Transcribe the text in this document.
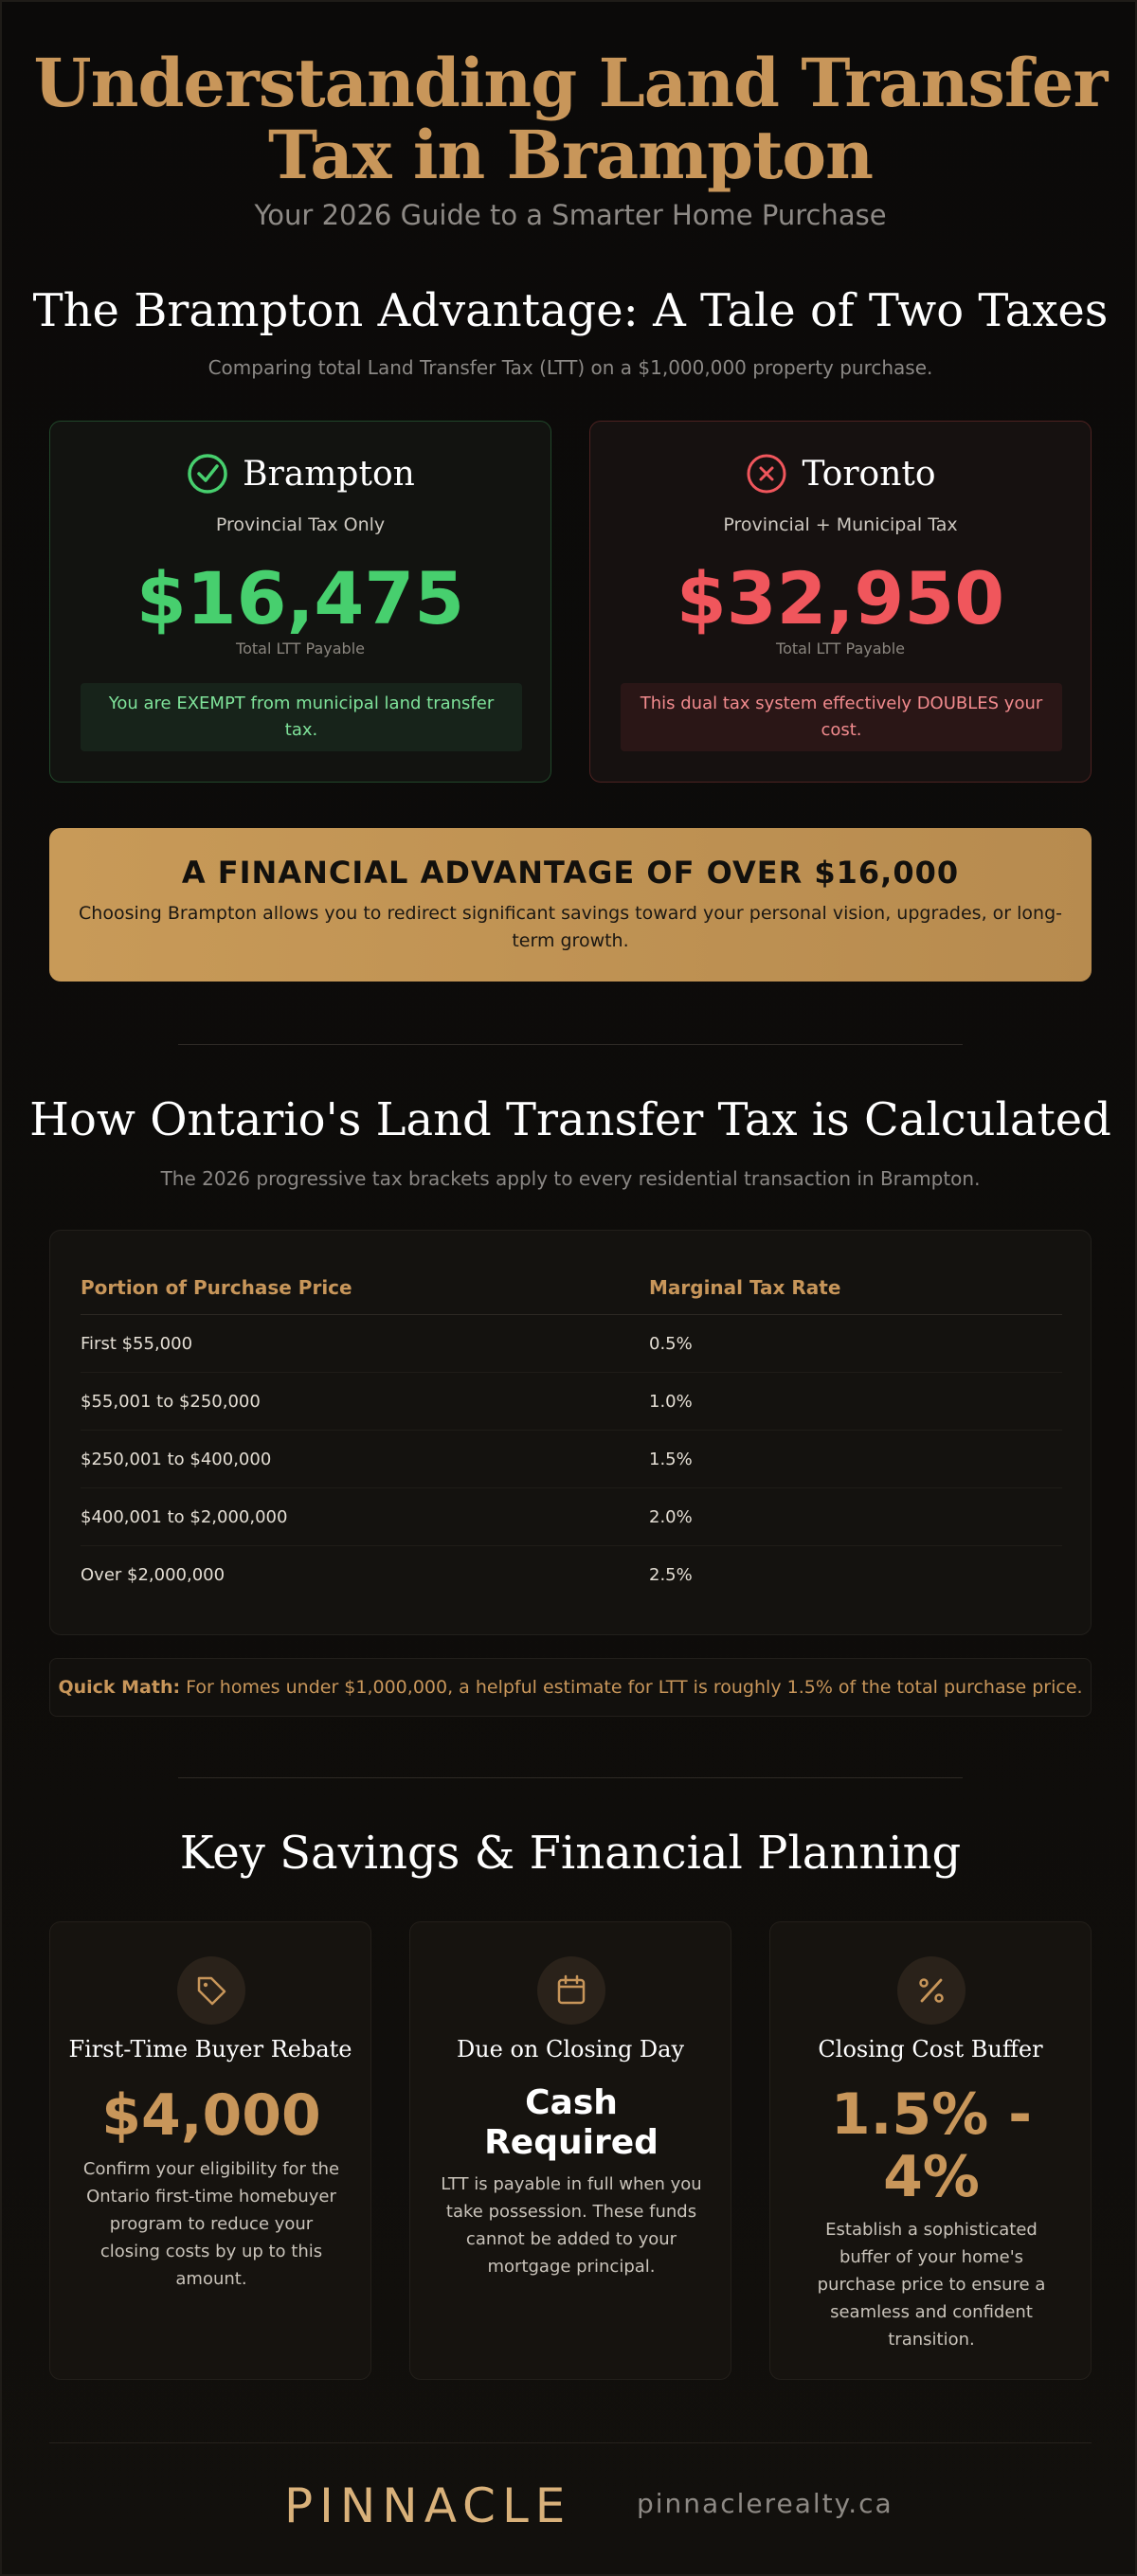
Understanding Land Transfer
Tax in Brampton
Your 2026 Guide to a Smarter Home Purchase
The Brampton Advantage: A Tale of Two Taxes
Comparing total Land Transfer Tax (LTT) on a $1,000,000 property purchase.
Brampton
Provincial Tax Only
$16,475
Total LTT Payable
You are EXEMPT from municipal land transfer tax.
Toronto
Provincial + Municipal Tax
$32,950
Total LTT Payable
This dual tax system effectively DOUBLES your cost.
A FINANCIAL ADVANTAGE OF OVER $16,000
Choosing Brampton allows you to redirect significant savings toward your personal vision, upgrades, or long-term growth.
How Ontario's Land Transfer Tax is Calculated
The 2026 progressive tax brackets apply to every residential transaction in Brampton.
Portion of Purchase Price	Marginal Tax Rate
First $55,000	0.5%
$55,001 to $250,000	1.0%
$250,001 to $400,000	1.5%
$400,001 to $2,000,000	2.0%
Over $2,000,000	2.5%
Quick Math: For homes under $1,000,000, a helpful estimate for LTT is roughly 1.5% of the total purchase price.
Key Savings & Financial Planning
First-Time Buyer Rebate
$4,000
Confirm your eligibility for the Ontario first-time homebuyer program to reduce your closing costs by up to this amount.
Due on Closing Day
Cash Required
LTT is payable in full when you take possession. These funds cannot be added to your mortgage principal.
Closing Cost Buffer
1.5% - 4%
Establish a sophisticated buffer of your home's purchase price to ensure a seamless and confident transition.
PINNACLE	pinnaclerealty.ca
